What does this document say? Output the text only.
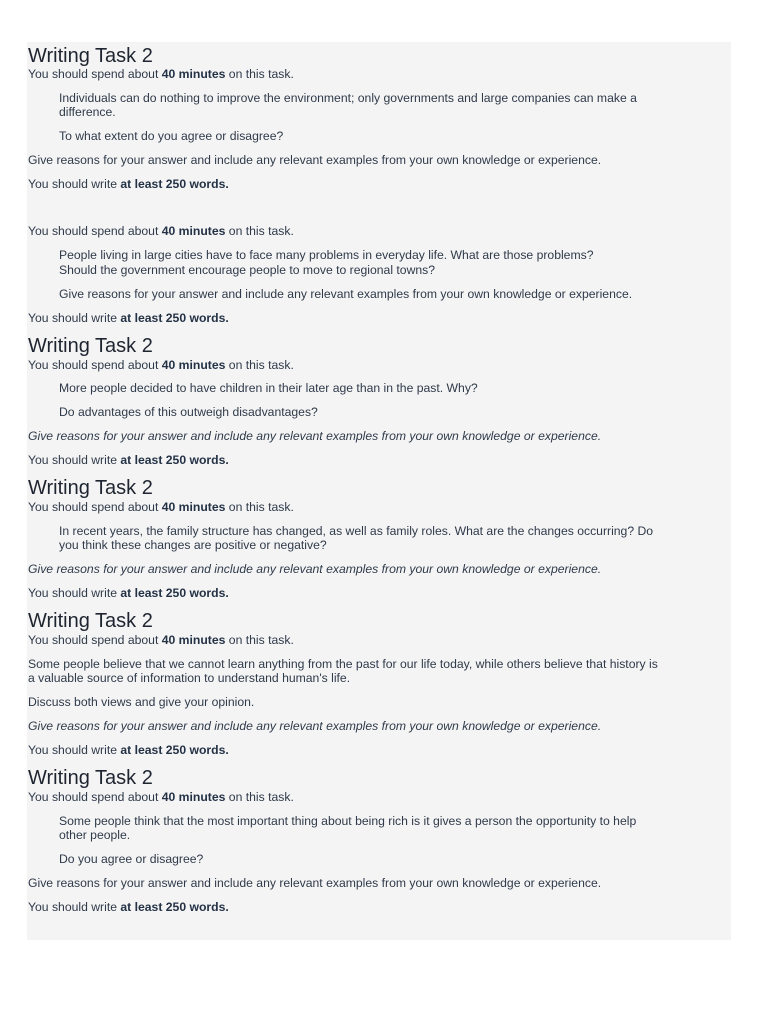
Writing Task 2
You should spend about 40 minutes on this task.
Individuals can do nothing to improve the environment; only governments and large companies can make a
difference.
To what extent do you agree or disagree?
Give reasons for your answer and include any relevant examples from your own knowledge or experience.
You should write at least 250 words.
You should spend about 40 minutes on this task.
People living in large cities have to face many problems in everyday life. What are those problems?
Should the government encourage people to move to regional towns?
Give reasons for your answer and include any relevant examples from your own knowledge or experience.
You should write at least 250 words.
Writing Task 2
You should spend about 40 minutes on this task.
More people decided to have children in their later age than in the past. Why?
Do advantages of this outweigh disadvantages?
Give reasons for your answer and include any relevant examples from your own knowledge or experience.
You should write at least 250 words.
Writing Task 2
You should spend about 40 minutes on this task.
In recent years, the family structure has changed, as well as family roles. What are the changes occurring? Do
you think these changes are positive or negative?
Give reasons for your answer and include any relevant examples from your own knowledge or experience.
You should write at least 250 words.
Writing Task 2
You should spend about 40 minutes on this task.
Some people believe that we cannot learn anything from the past for our life today, while others believe that history is
a valuable source of information to understand human's life.
Discuss both views and give your opinion.
Give reasons for your answer and include any relevant examples from your own knowledge or experience.
You should write at least 250 words.
Writing Task 2
You should spend about 40 minutes on this task.
Some people think that the most important thing about being rich is it gives a person the opportunity to help
other people.
Do you agree or disagree?
Give reasons for your answer and include any relevant examples from your own knowledge or experience.
You should write at least 250 words.
